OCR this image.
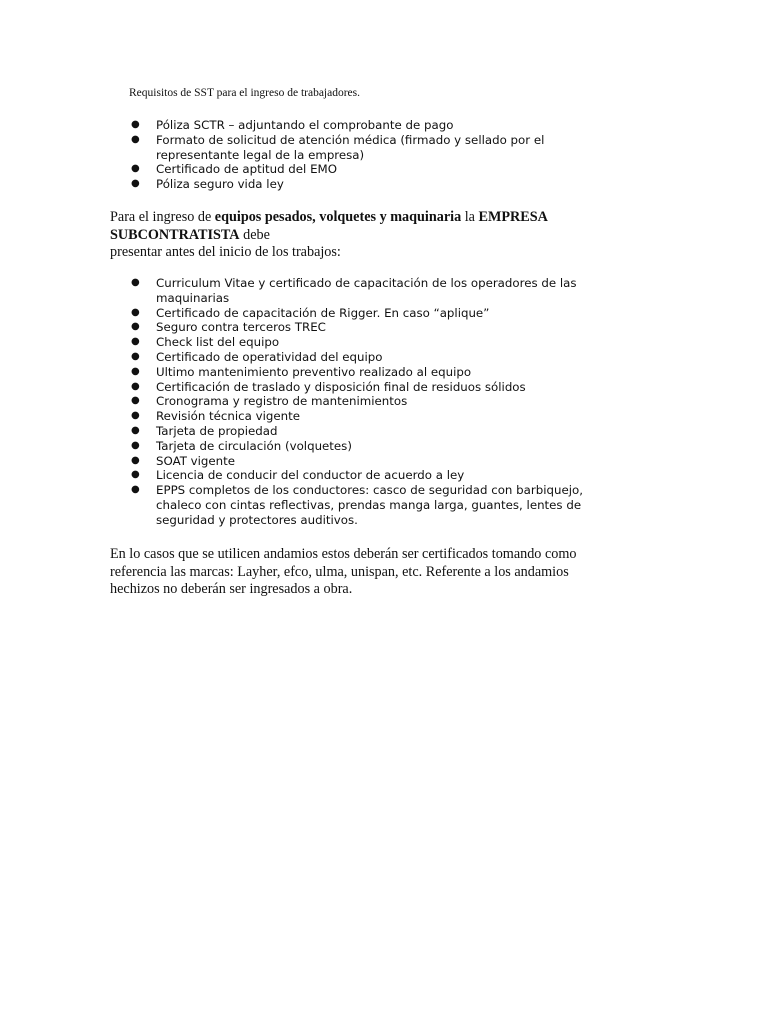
Requisitos de SST para el ingreso de trabajadores.

● Póliza SCTR – adjuntando el comprobante de pago
● Formato de solicitud de atención médica (firmado y sellado por el
representante legal de la empresa)
● Certificado de aptitud del EMO
● Póliza seguro vida ley
Para el ingreso de equipos pesados, volquetes y maquinaria la EMPRESA
SUBCONTRATISTA debe
presentar antes del inicio de los trabajos:
● Curriculum Vitae y certificado de capacitación de los operadores de las
maquinarias
● Certificado de capacitación de Rigger. En caso “aplique”
● Seguro contra terceros TREC
● Check list del equipo
● Certificado de operatividad del equipo
● Ultimo mantenimiento preventivo realizado al equipo
● Certificación de traslado y disposición final de residuos sólidos
● Cronograma y registro de mantenimientos
● Revisión técnica vigente
● Tarjeta de propiedad
● Tarjeta de circulación (volquetes)
● SOAT vigente
● Licencia de conducir del conductor de acuerdo a ley
● EPPS completos de los conductores: casco de seguridad con barbiquejo,
chaleco con cintas reflectivas, prendas manga larga, guantes, lentes de
seguridad y protectores auditivos.
En lo casos que se utilicen andamios estos deberán ser certificados tomando como
referencia las marcas: Layher, efco, ulma, unispan, etc. Referente a los andamios
hechizos no deberán ser ingresados a obra.
